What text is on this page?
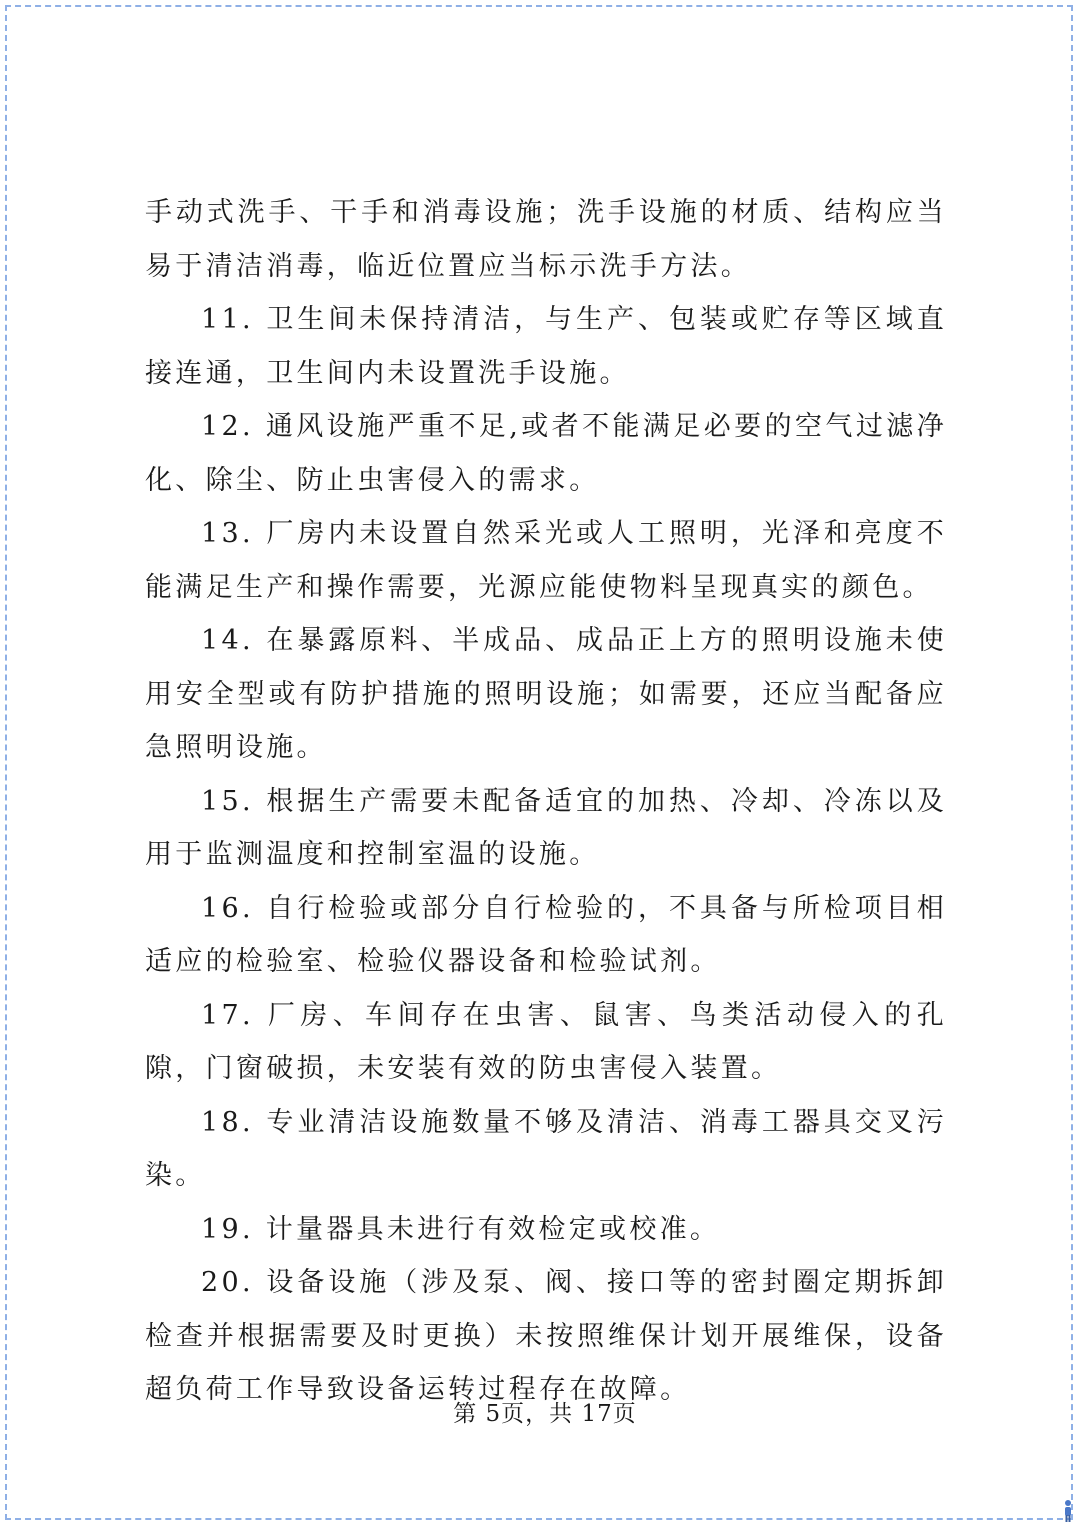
手动式洗手、干手和消毒设施；洗手设施的材质、结构应当易于清洁消毒，临近位置应当标示洗手方法。

11. 卫生间未保持清洁，与生产、包装或贮存等区域直接连通，卫生间内未设置洗手设施。

12. 通风设施严重不足,或者不能满足必要的空气过滤净 化、除尘、防止虫害侵入的需求。

13. 厂房内未设置自然采光或人工照明，光泽和亮度不能满足生产和操作需要，光源应能使物料呈现真实的颜色。

14. 在暴露原料、半成品、成品正上方的照明设施未使用安全型或有防护措施的照明设施；如需要，还应当配备应急照明设施。

15. 根据生产需要未配备适宜的加热、冷却、冷冻以及用于监测温度和控制室温的设施。

16. 自行检验或部分自行检验的，不具备与所检项目相适应的检验室、检验仪器设备和检验试剂。

17. 厂房、车间存在虫害、鼠害、鸟类活动侵入的孔隙，门窗破损，未安装有效的防虫害侵入装置。

18. 专业清洁设施数量不够及清洁、消毒工器具交叉污染。

19. 计量器具未进行有效检定或校准。

20. 设备设施（涉及泵、阀、接口等的密封圈定期拆卸检查并根据需要及时更换）未按照维保计划开展维保，设备超负荷工作导致设备运转过程存在故障。

第 5页，共 17页
